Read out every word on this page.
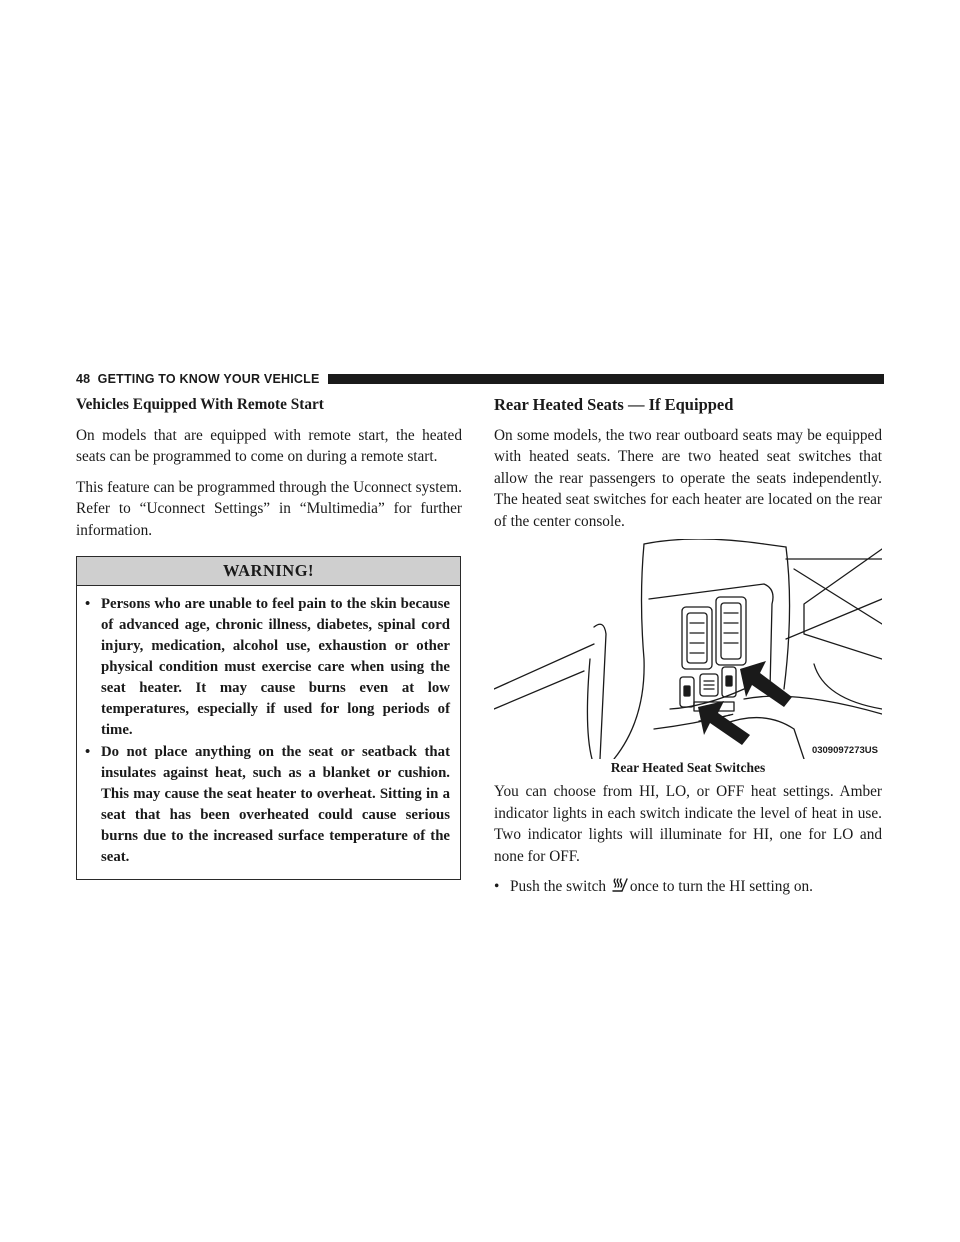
48 GETTING TO KNOW YOUR VEHICLE
Vehicles Equipped With Remote Start

On models that are equipped with remote start, the heated seats can be programmed to come on during a remote start.

This feature can be programmed through the Uconnect system. Refer to “Uconnect Settings” in “Multimedia” for further information.

WARNING!
• Persons who are unable to feel pain to the skin because of advanced age, chronic illness, diabetes, spinal cord injury, medication, alcohol use, exhaustion or other physical condition must exercise care when using the seat heater. It may cause burns even at low temperatures, especially if used for long periods of time.
• Do not place anything on the seat or seatback that insulates against heat, such as a blanket or cushion. This may cause the seat heater to overheat. Sitting in a seat that has been overheated could cause serious burns due to the increased surface temperature of the seat.
Rear Heated Seats — If Equipped

On some models, the two rear outboard seats may be equipped with heated seats. There are two heated seat switches that allow the rear passengers to operate the seats independently. The heated seat switches for each heater are located on the rear of the center console.

0309097273US
Rear Heated Seat Switches

You can choose from HI, LO, or OFF heat settings. Amber indicator lights in each switch indicate the level of heat in use. Two indicator lights will illuminate for HI, one for LO and none for OFF.

• Push the switch once to turn the HI setting on.
